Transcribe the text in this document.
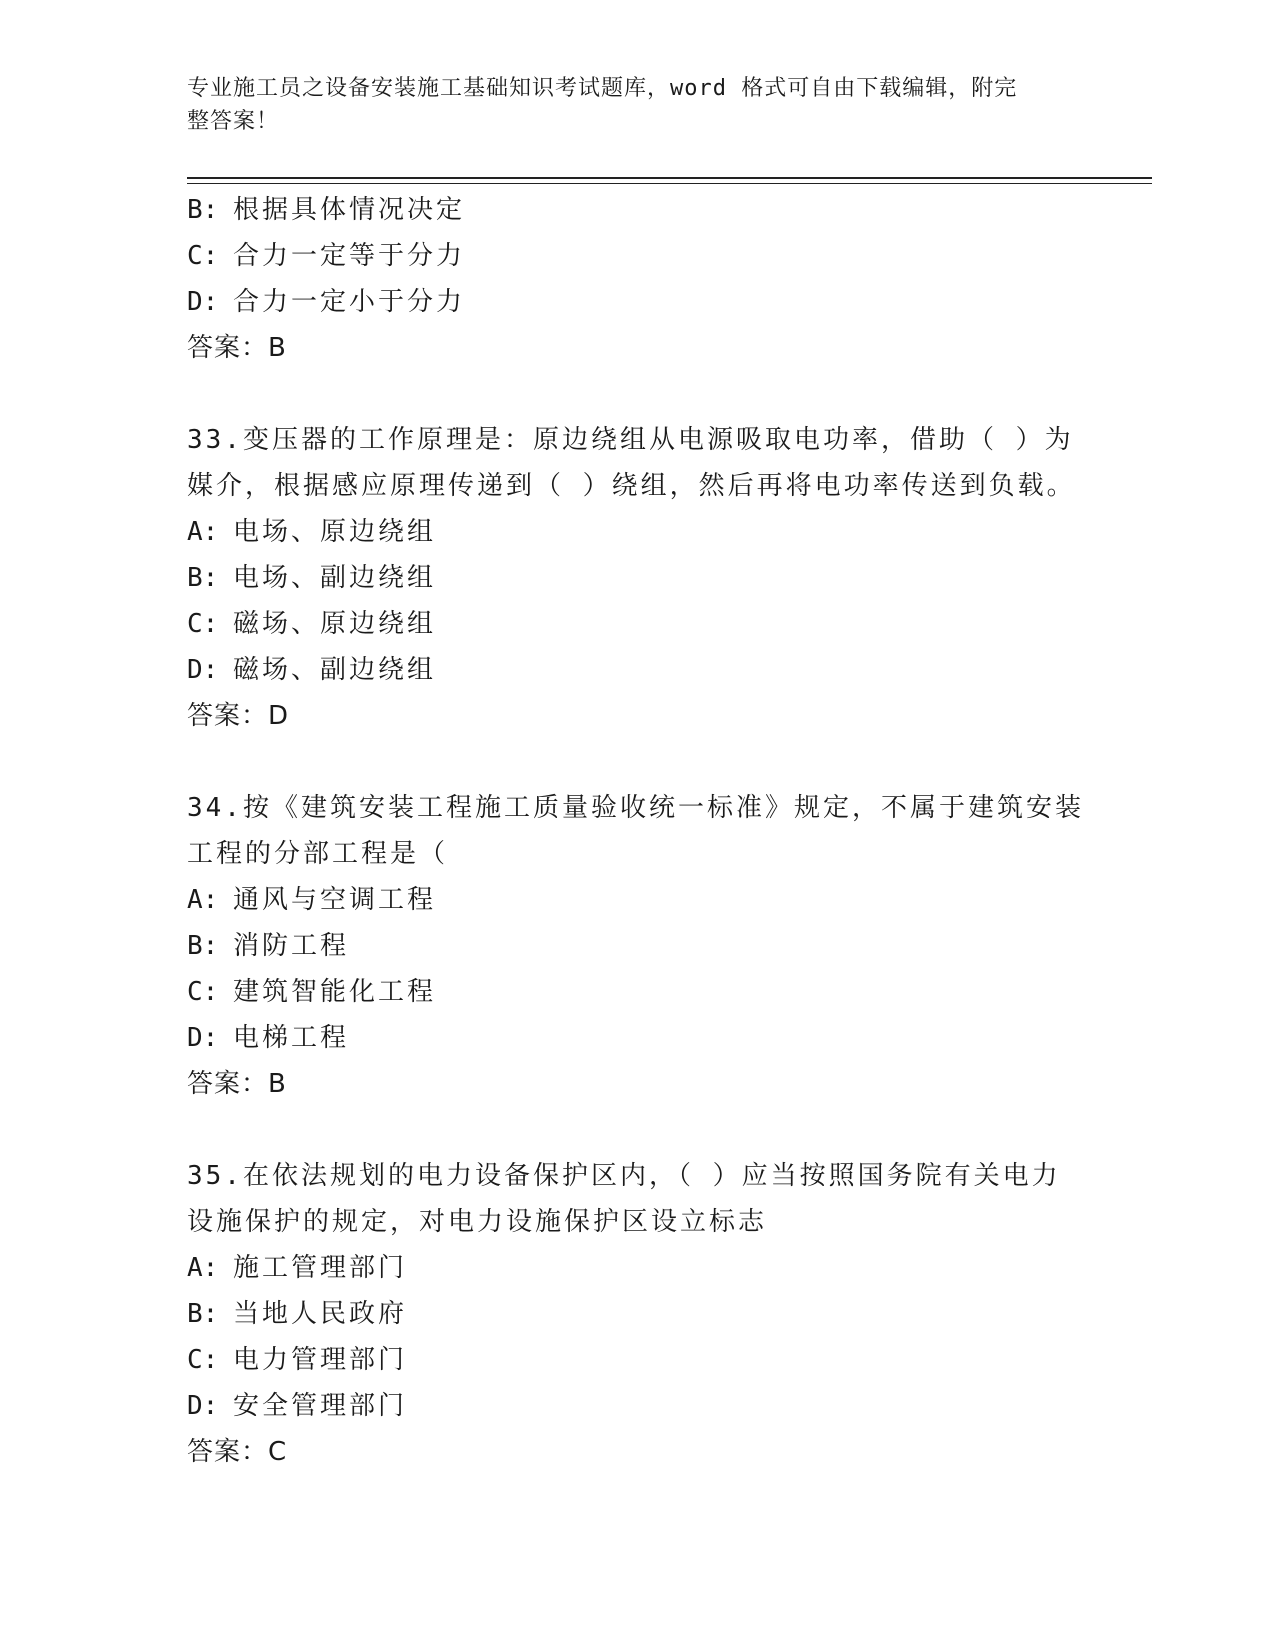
专业施工员之设备安装施工基础知识考试题库，word 格式可自由下载编辑，附完
整答案！
B: 根据具体情况决定
C: 合力一定等于分力
D: 合力一定小于分力
答案：B
33.变压器的工作原理是：原边绕组从电源吸取电功率，借助（ ）为
媒介，根据感应原理传递到（ ）绕组，然后再将电功率传送到负载。
A: 电场、原边绕组
B: 电场、副边绕组
C: 磁场、原边绕组
D: 磁场、副边绕组
答案：D
34.按《建筑安装工程施工质量验收统一标准》规定，不属于建筑安装
工程的分部工程是（
A: 通风与空调工程
B: 消防工程
C: 建筑智能化工程
D: 电梯工程
答案：B
35.在依法规划的电力设备保护区内，（ ）应当按照国务院有关电力
设施保护的规定，对电力设施保护区设立标志
A: 施工管理部门
B: 当地人民政府
C: 电力管理部门
D: 安全管理部门
答案：C
